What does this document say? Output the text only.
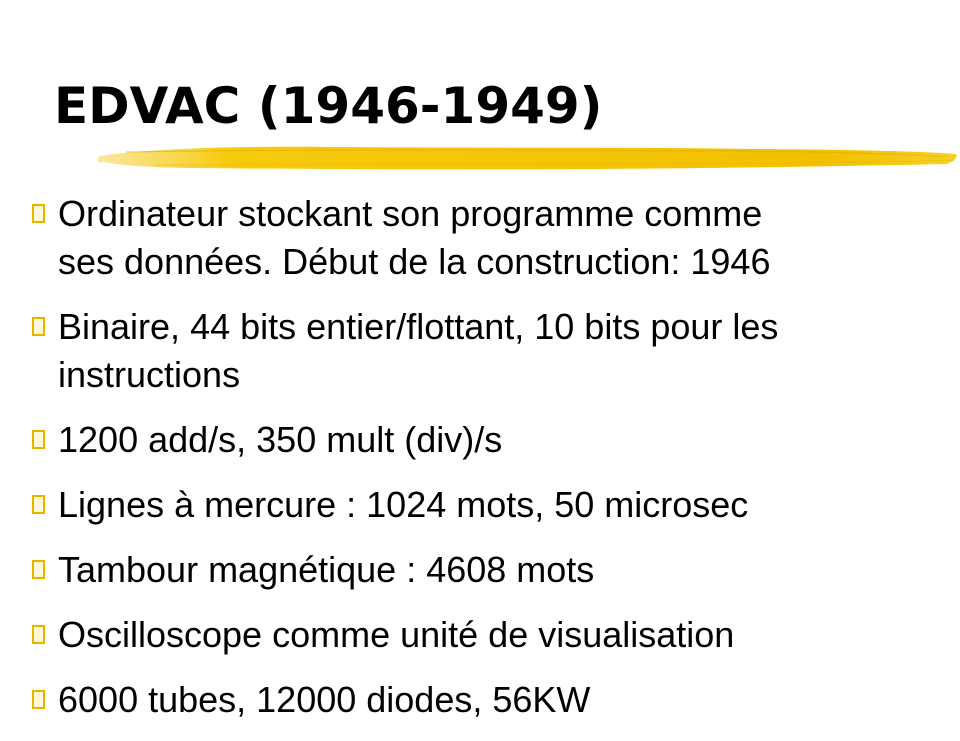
EDVAC (1946-1949)
Ordinateur stockant son programme comme
ses données. Début de la construction: 1946
Binaire, 44 bits entier/flottant, 10 bits pour les
instructions
1200 add/s, 350 mult (div)/s
Lignes à mercure : 1024 mots, 50 microsec
Tambour magnétique : 4608 mots
Oscilloscope comme unité de visualisation
6000 tubes, 12000 diodes, 56KW
